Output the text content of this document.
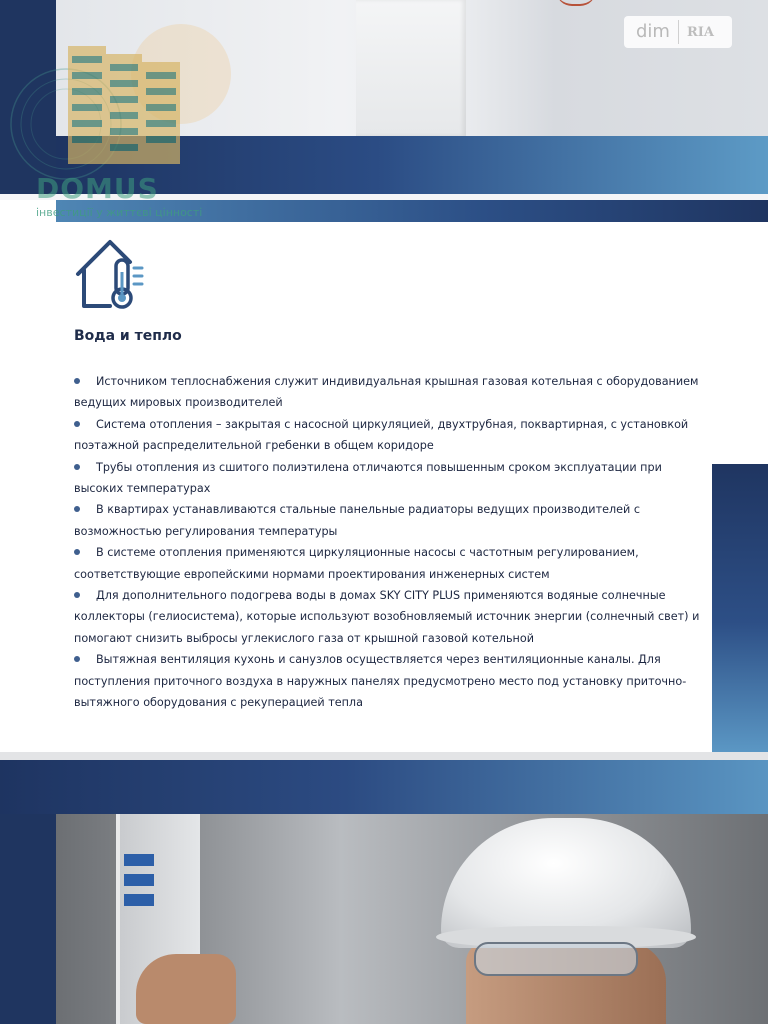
Вода и тепло
Источником теплоснабжения служит индивидуальная крышная газовая котельная с оборудованием ведущих мировых производителей
Система отопления – закрытая с насосной циркуляцией, двухтрубная, поквартирная, с установкой поэтажной распределительной гребенки в общем коридоре
Трубы отопления из сшитого полиэтилена отличаются повышенным сроком эксплуатации при высоких температурах
В квартирах устанавливаются стальные панельные радиаторы ведущих производителей с возможностью регулирования температуры
В системе отопления применяются циркуляционные насосы с частотным регулированием, соответствующие европейскими нормами проектирования инженерных систем
Для дополнительного подогрева воды в домах SKY CITY PLUS применяются водяные солнечные коллекторы (гелиосистема), которые используют возобновляемый источник энергии (солнечный свет) и помогают снизить выбросы углекислого газа от крышной газовой котельной
Вытяжная вентиляция кухонь и санузлов осуществляется через вентиляционные каналы. Для поступления приточного воздуха в наружных панелях предусмотрено место под установку приточно-вытяжного оборудования с рекуперацией тепла

DOMUS

інвестиції у життєві цінності

dim	RIA
